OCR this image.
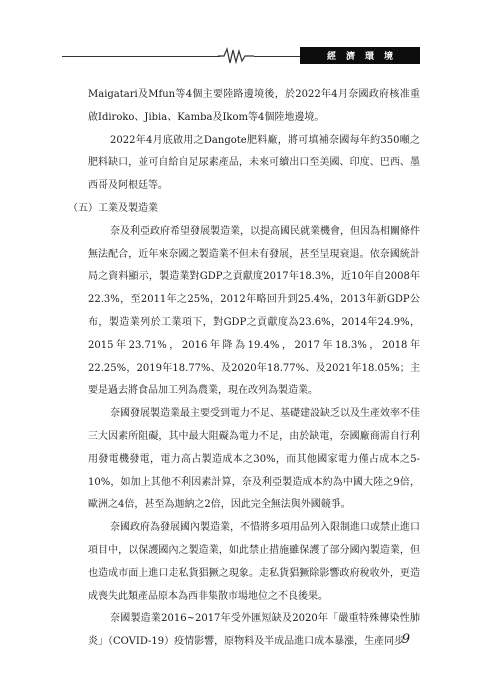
經 濟 環 境

Maigatari及Mfun等4個主要陸路邊境後，於2022年4月奈國政府核准重啟Idiroko、Jibia、Kamba及Ikom等4個陸地邊境。

2022年4月底啟用之Dangote肥料廠，將可填補奈國每年約350噸之肥料缺口，並可自給自足尿素產品，未來可續出口至美國、印度、巴西、墨西哥及阿根廷等。

（五）工業及製造業

奈及利亞政府希望發展製造業，以提高國民就業機會，但因為相關條件無法配合，近年來奈國之製造業不但未有發展，甚至呈現衰退。依奈國統計局之資料顯示，製造業對GDP之貢獻度2017年18.3%，近10年自2008年22.3%，至2011年之25%，2012年略回升到25.4%，2013年新GDP公布，製造業列於工業項下，對GDP之貢獻度為23.6%，2014年24.9%，2015年23.71%，2016年降為19.4%，2017年18.3%，2018年22.25%，2019年18.77%、及2020年18.77%、及2021年18.05%；主要是過去將食品加工列為農業，現在改列為製造業。

奈國發展製造業最主要受到電力不足、基礎建設缺乏以及生產效率不佳三大因素所阻礙，其中最大阻礙為電力不足，由於缺電，奈國廠商需自行利用發電機發電，電力高占製造成本之30%，而其他國家電力僅占成本之5-10%，如加上其他不利因素計算，奈及利亞製造成本約為中國大陸之9倍，歐洲之4倍，甚至為迦納之2倍，因此完全無法與外國競爭。

奈國政府為發展國內製造業，不惜將多項用品列入限制進口或禁止進口項目中，以保護國內之製造業，如此禁止措施雖保護了部分國內製造業，但也造成市面上進口走私貨猖獗之現象。走私貨猖獗除影響政府稅收外，更造成喪失此類產品原本為西非集散市場地位之不良後果。

奈國製造業2016~2017年受外匯短缺及2020年「嚴重特殊傳染性肺炎」（COVID-19）疫情影響，原物料及半成品進口成本暴漲，生產同步

9
